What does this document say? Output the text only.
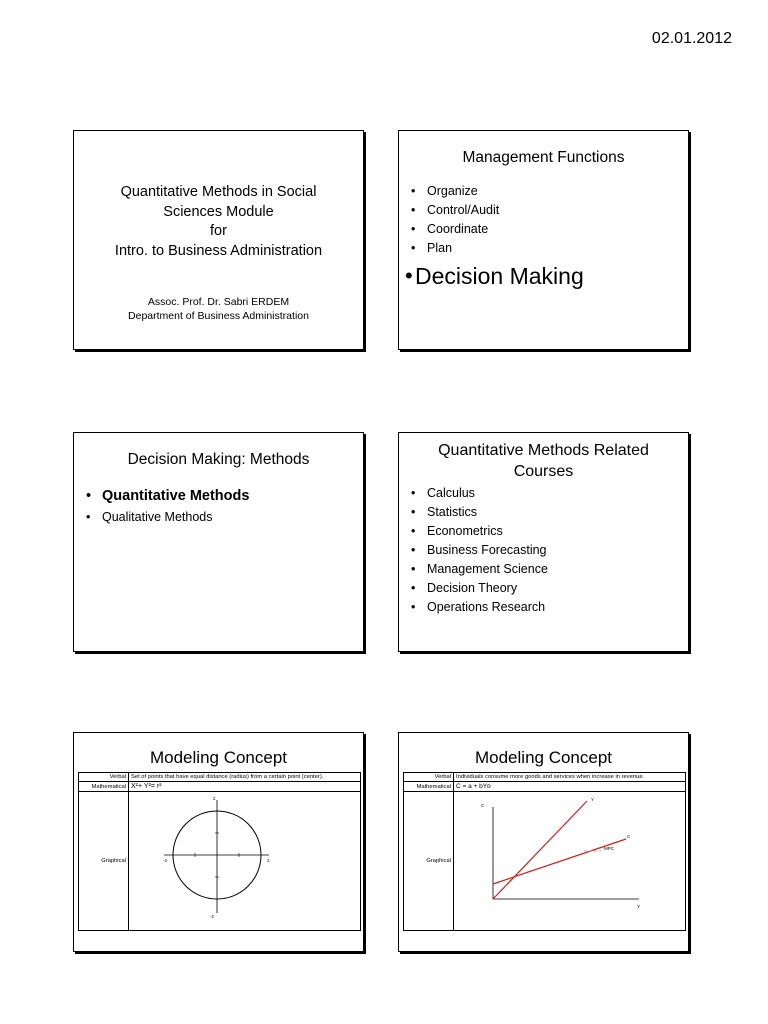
02.01.2012
Quantitative Methods in Social
Sciences Module
for
Intro. to Business Administration
Assoc. Prof. Dr. Sabri ERDEM
Department of Business Administration
Management Functions
• Organize
• Control/Audit
• Coordinate
• Plan
• Decision Making
Decision Making: Methods
• Quantitative Methods
• Qualitative Methods
Quantitative Methods Related
Courses
• Calculus
• Statistics
• Econometrics
• Business Forecasting
• Management Science
• Decision Theory
• Operations Research
Modeling Concept
Verbal	Set of points that have equal distance (radius) from a certain point (center).
Mathematical	X²+ Y²= r²
Graphical	2
-2
-2 2
Modeling Concept
Verbal	Individuals consume more goods and services when increase in revenue.
Mathematical	C = a + bYᴅ
Graphical	C
Y
Y
C
MPC
